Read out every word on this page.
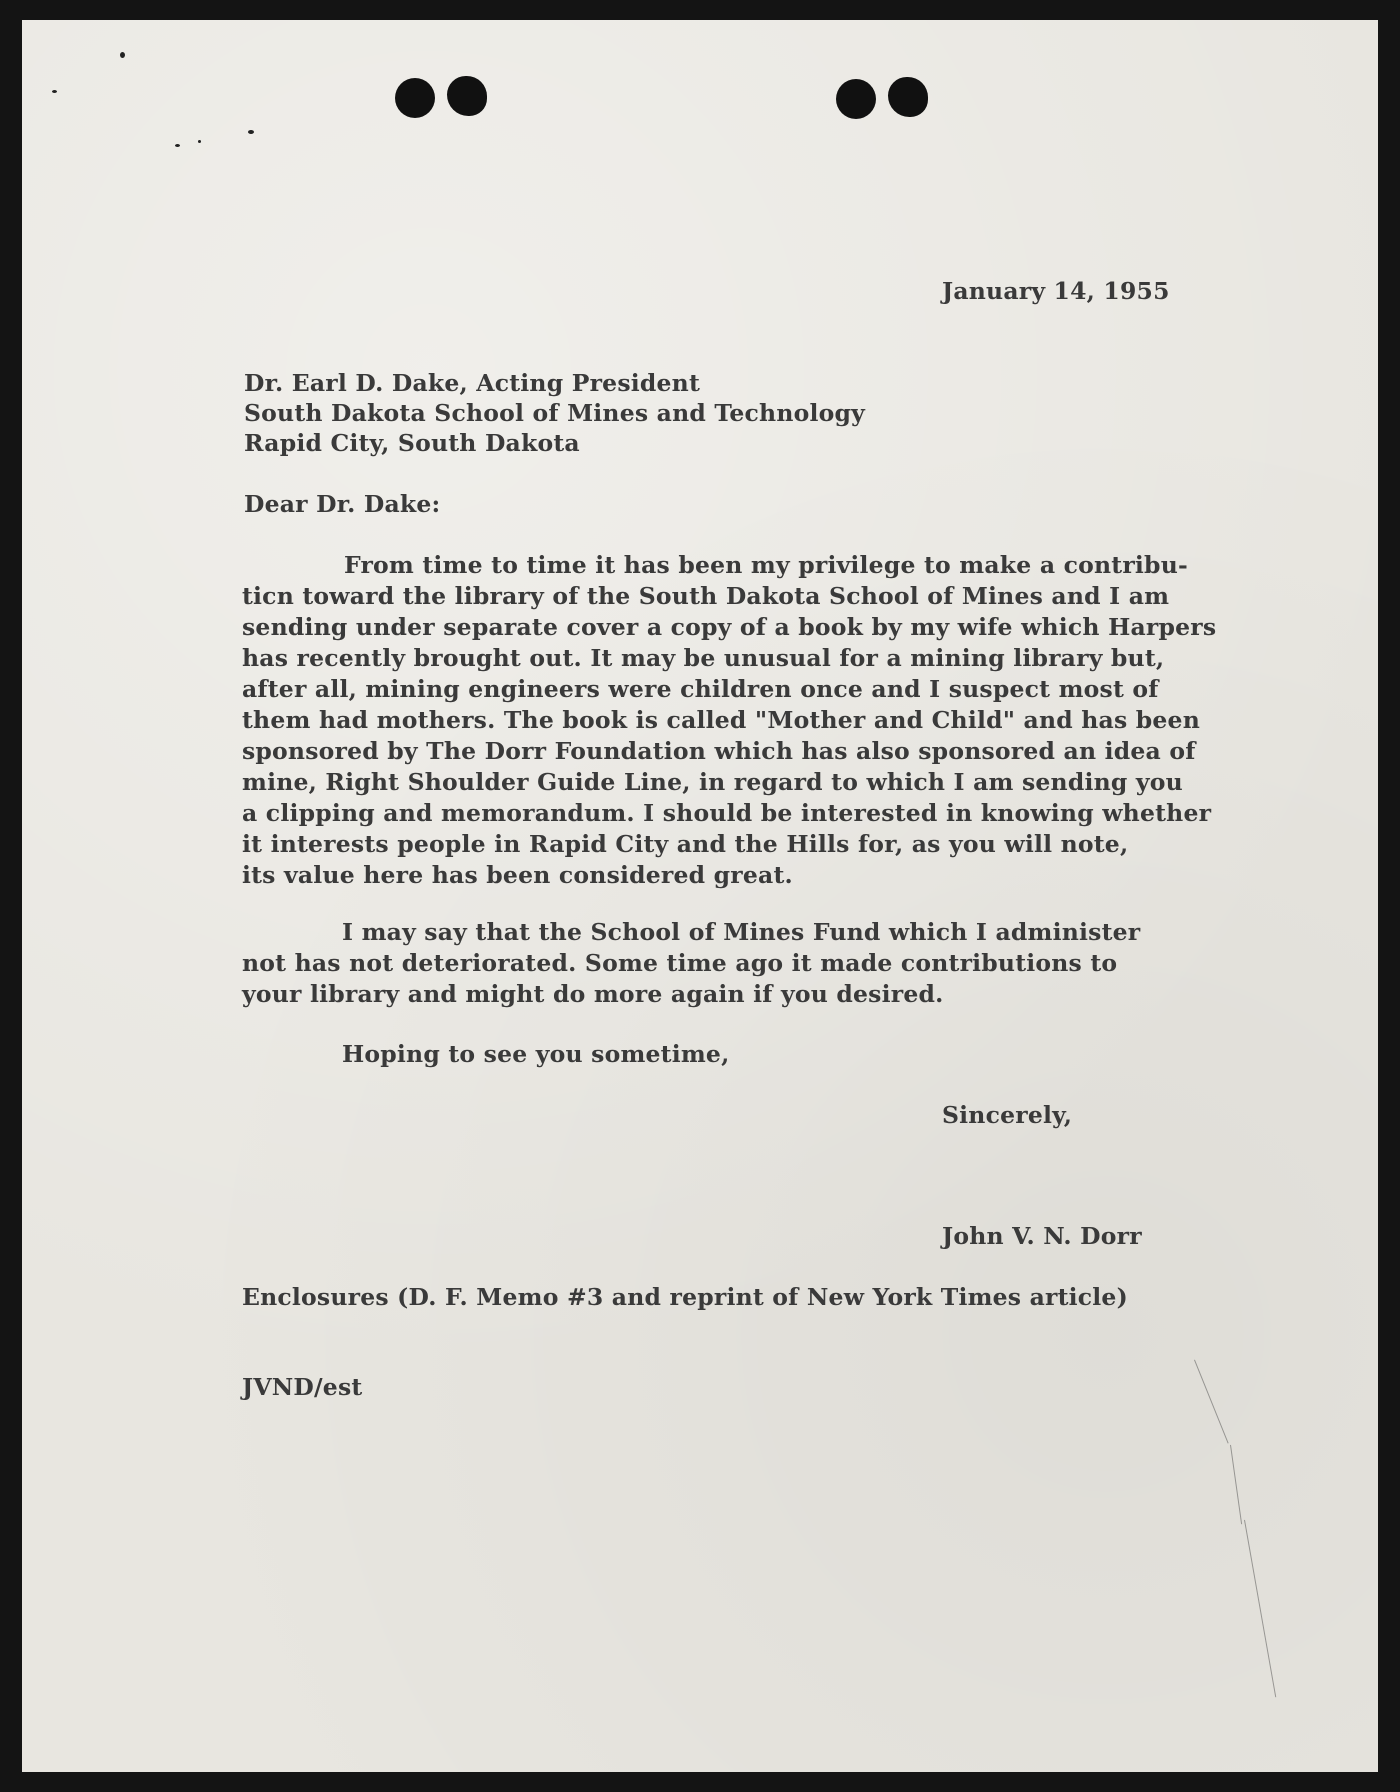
January 14, 1955
Dr. Earl D. Dake, Acting President
South Dakota School of Mines and Technology
Rapid City, South Dakota
Dear Dr. Dake:
From time to time it has been my privilege to make a contribu-
ticn toward the library of the South Dakota School of Mines and I am
sending under separate cover a copy of a book by my wife which Harpers
has recently brought out. It may be unusual for a mining library but,
after all, mining engineers were children once and I suspect most of
them had mothers. The book is called "Mother and Child" and has been
sponsored by The Dorr Foundation which has also sponsored an idea of
mine, Right Shoulder Guide Line, in regard to which I am sending you
a clipping and memorandum. I should be interested in knowing whether
it interests people in Rapid City and the Hills for, as you will note,
its value here has been considered great.
I may say that the School of Mines Fund which I administer
not has not deteriorated. Some time ago it made contributions to
your library and might do more again if you desired.
Hoping to see you sometime,
Sincerely,
John V. N. Dorr
Enclosures (D. F. Memo #3 and reprint of New York Times article)
JVND/est
